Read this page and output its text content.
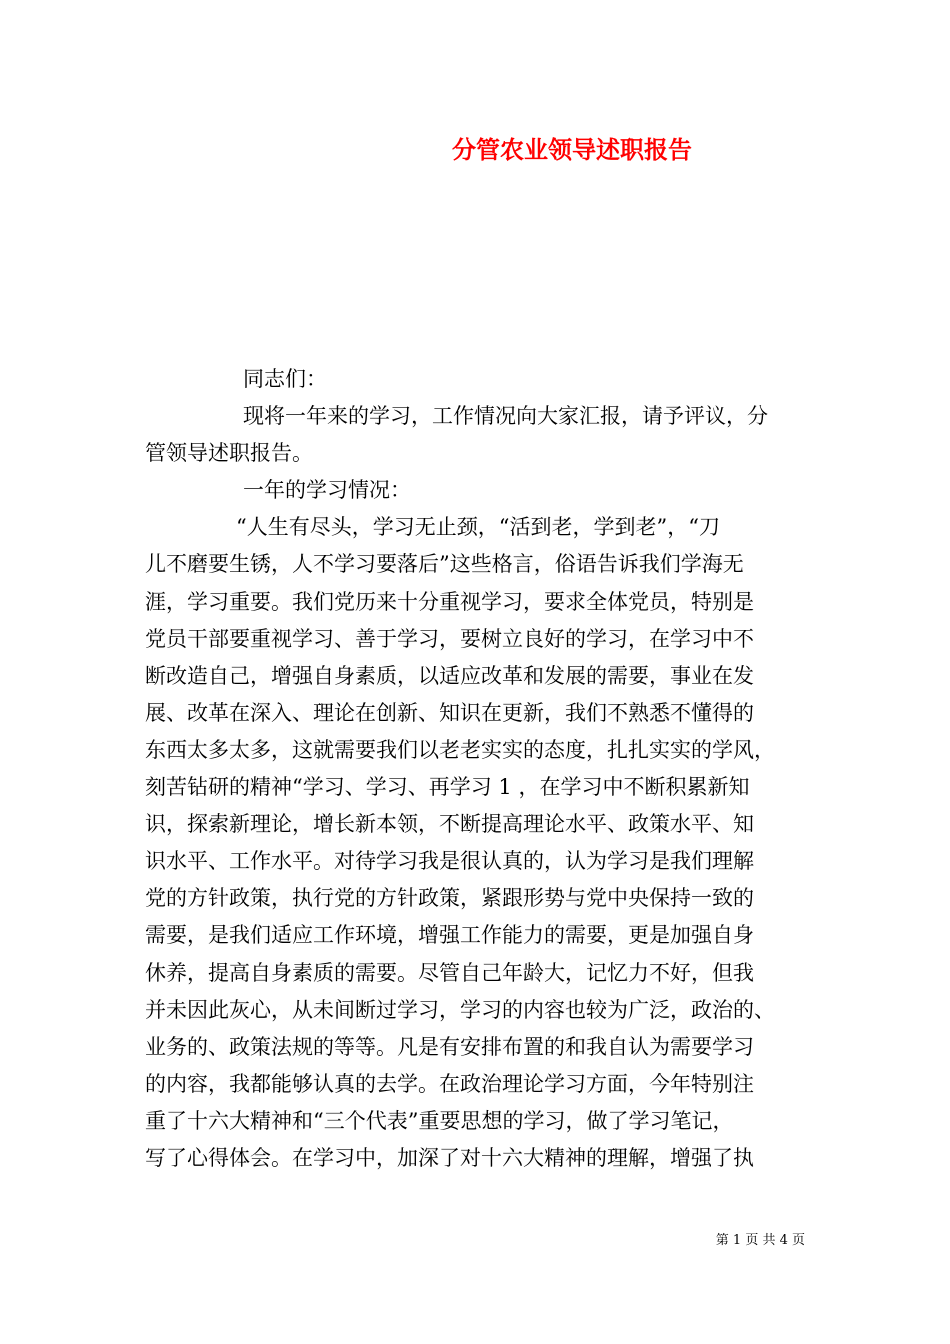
分管农业领导述职报告
同志们：
现将一年来的学习，工作情况向大家汇报，请予评议，分
管领导述职报告。
一年的学习情况：
“人生有尽头，学习无止颈，“活到老，学到老”，“刀
儿不磨要生锈，人不学习要落后”这些格言，俗语告诉我们学海无
涯，学习重要。我们党历来十分重视学习，要求全体党员，特别是
党员干部要重视学习、善于学习，要树立良好的学习，在学习中不
断改造自己，增强自身素质，以适应改革和发展的需要，事业在发
展、改革在深入、理论在创新、知识在更新，我们不熟悉不懂得的
东西太多太多，这就需要我们以老老实实的态度，扎扎实实的学风，
刻苦钻研的精神“学习、学习、再学习 1 ，在学习中不断积累新知
识，探索新理论，增长新本领，不断提高理论水平、政策水平、知
识水平、工作水平。对待学习我是很认真的，认为学习是我们理解
党的方针政策，执行党的方针政策，紧跟形势与党中央保持一致的
需要，是我们适应工作环境，增强工作能力的需要，更是加强自身
休养，提高自身素质的需要。尽管自己年龄大，记忆力不好，但我
并未因此灰心，从未间断过学习，学习的内容也较为广泛，政治的、
业务的、政策法规的等等。凡是有安排布置的和我自认为需要学习
的内容，我都能够认真的去学。在政治理论学习方面，今年特别注
重了十六大精神和“三个代表”重要思想的学习，做了学习笔记，
写了心得体会。在学习中，加深了对十六大精神的理解，增强了执
第 1 页 共 4 页
